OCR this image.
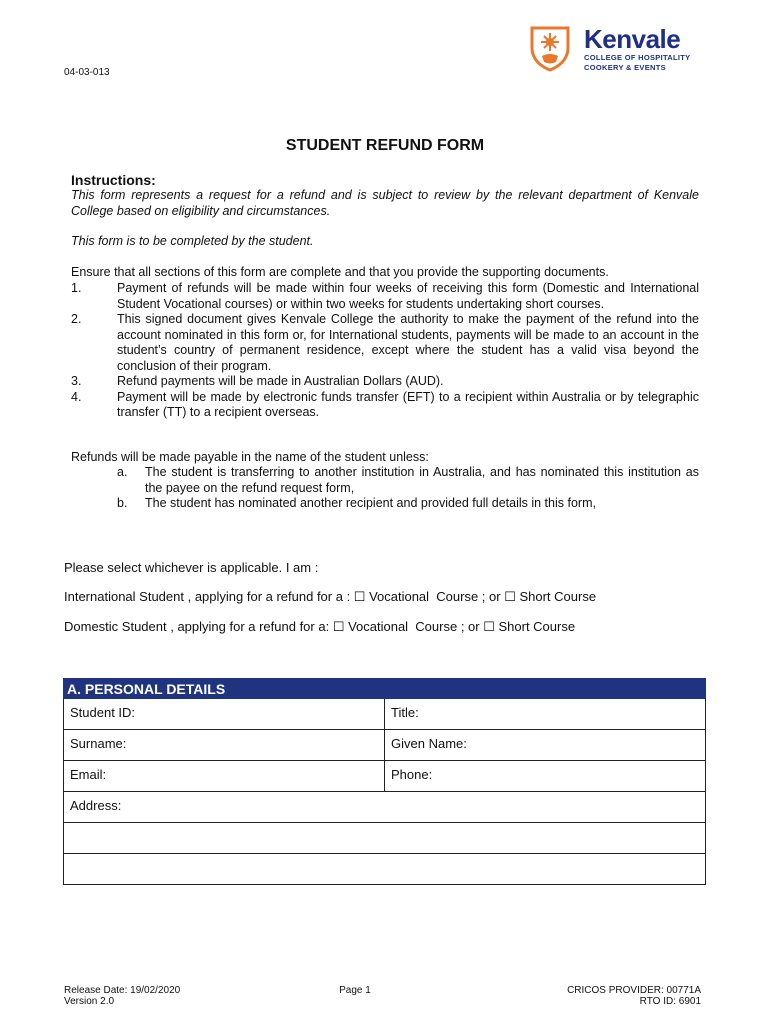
04-03-013
Kenvale
COLLEGE OF HOSPITALITY
COOKERY & EVENTS
STUDENT REFUND FORM
Instructions:
This form represents a request for a refund and is subject to review by the relevant department of Kenvale College based on eligibility and circumstances.
This form is to be completed by the student.
Ensure that all sections of this form are complete and that you provide the supporting documents.
1.	Payment of refunds will be made within four weeks of receiving this form (Domestic and International Student Vocational courses) or within two weeks for students undertaking short courses.
2.	This signed document gives Kenvale College the authority to make the payment of the refund into the account nominated in this form or, for International students, payments will be made to an account in the student’s country of permanent residence, except where the student has a valid visa beyond the conclusion of their program.
3.	Refund payments will be made in Australian Dollars (AUD).
4.	Payment will be made by electronic funds transfer (EFT) to a recipient within Australia or by telegraphic transfer (TT) to a recipient overseas.
Refunds will be made payable in the name of the student unless:
a.	The student is transferring to another institution in Australia, and has nominated this institution as the payee on the refund request form,
b.	The student has nominated another recipient and provided full details in this form,
Please select whichever is applicable. I am :
International Student , applying for a refund for a : ☐ Vocational  Course ; or ☐ Short Course
Domestic Student , applying for a refund for a: ☐ Vocational  Course ; or ☐ Short Course
A. PERSONAL DETAILS	
Student ID:	Title:
Surname:	Given Name:
Email:	Phone:
Address:	

Release Date: 19/02/2020
Version 2.0
Page 1	CRICOS PROVIDER: 00771A
RTO ID: 6901
